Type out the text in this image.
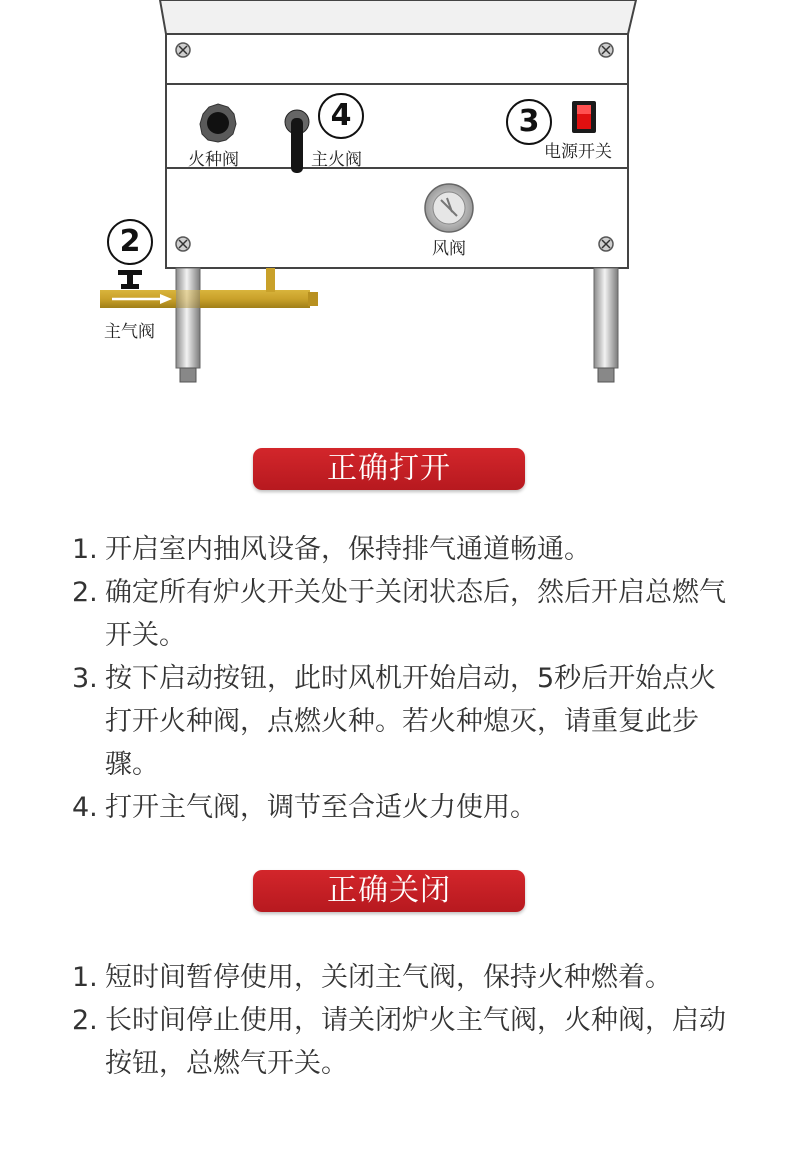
火种阀	主火阀	电源开关
风阀
主气阀
4	3
2
正确打开
1. 开启室内抽风设备，保持排气通道畅通。
2. 确定所有炉火开关处于关闭状态后，然后开启总燃气开关。
3. 按下启动按钮，此时风机开始启动，5秒后开始点火打开火种阀，点燃火种。若火种熄灭，请重复此步骤。
4. 打开主气阀，调节至合适火力使用。
正确关闭
1. 短时间暂停使用，关闭主气阀，保持火种燃着。
2. 长时间停止使用，请关闭炉火主气阀，火种阀，启动按钮，总燃气开关。
